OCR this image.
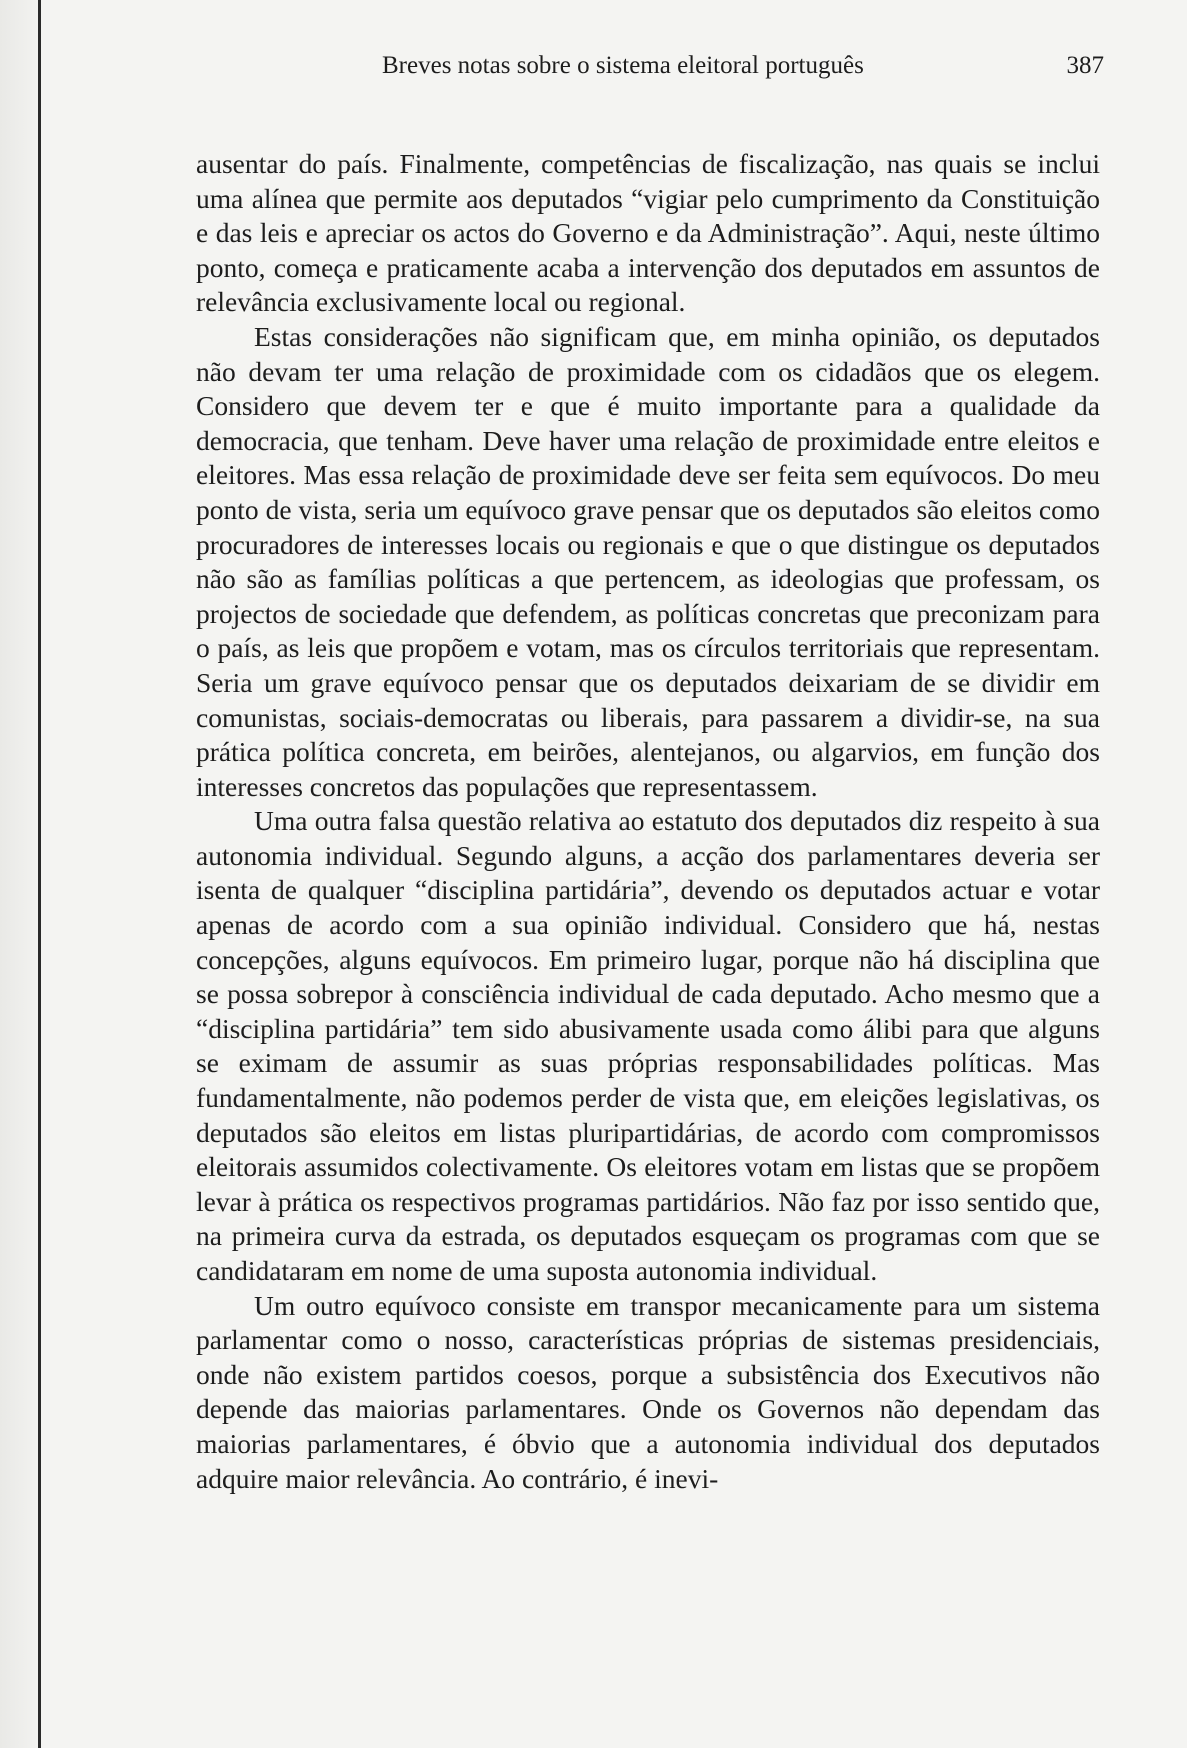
Breves notas sobre o sistema eleitoral português	387

ausentar do país. Finalmente, competências de fiscalização, nas quais se inclui uma alínea que permite aos deputados “vigiar pelo cumprimento da Constituição e das leis e apreciar os actos do Governo e da Administração”. Aqui, neste último ponto, começa e praticamente acaba a intervenção dos deputados em assuntos de relevância exclusivamente local ou regional.

Estas considerações não significam que, em minha opinião, os deputados não devam ter uma relação de proximidade com os cidadãos que os elegem. Considero que devem ter e que é muito importante para a qualidade da democracia, que tenham. Deve haver uma relação de proximidade entre eleitos e eleitores. Mas essa relação de proximidade deve ser feita sem equívocos. Do meu ponto de vista, seria um equívoco grave pensar que os deputados são eleitos como procuradores de interesses locais ou regionais e que o que distingue os deputados não são as famílias políticas a que pertencem, as ideologias que professam, os projectos de sociedade que defendem, as políticas concretas que preconizam para o país, as leis que propõem e votam, mas os círculos territoriais que representam. Seria um grave equívoco pensar que os deputados deixariam de se dividir em comunistas, sociais-democratas ou liberais, para passarem a dividir-se, na sua prática política concreta, em beirões, alentejanos, ou algarvios, em função dos interesses concretos das populações que representassem.

Uma outra falsa questão relativa ao estatuto dos deputados diz respeito à sua autonomia individual. Segundo alguns, a acção dos parlamentares deveria ser isenta de qualquer “disciplina partidária”, devendo os deputados actuar e votar apenas de acordo com a sua opinião individual. Considero que há, nestas concepções, alguns equívocos. Em primeiro lugar, porque não há disciplina que se possa sobrepor à consciência individual de cada deputado. Acho mesmo que a “disciplina partidária” tem sido abusivamente usada como álibi para que alguns se eximam de assumir as suas próprias responsabilidades políticas. Mas fundamentalmente, não podemos perder de vista que, em eleições legislativas, os deputados são eleitos em listas pluripartidárias, de acordo com compromissos eleitorais assumidos colectivamente. Os eleitores votam em listas que se propõem levar à prática os respectivos programas partidários. Não faz por isso sentido que, na primeira curva da estrada, os deputados esqueçam os programas com que se candidataram em nome de uma suposta autonomia individual.

Um outro equívoco consiste em transpor mecanicamente para um sistema parlamentar como o nosso, características próprias de sistemas presidenciais, onde não existem partidos coesos, porque a subsistência dos Executivos não depende das maiorias parlamentares. Onde os Governos não dependam das maiorias parlamentares, é óbvio que a autonomia individual dos deputados adquire maior relevância. Ao contrário, é inevi-
